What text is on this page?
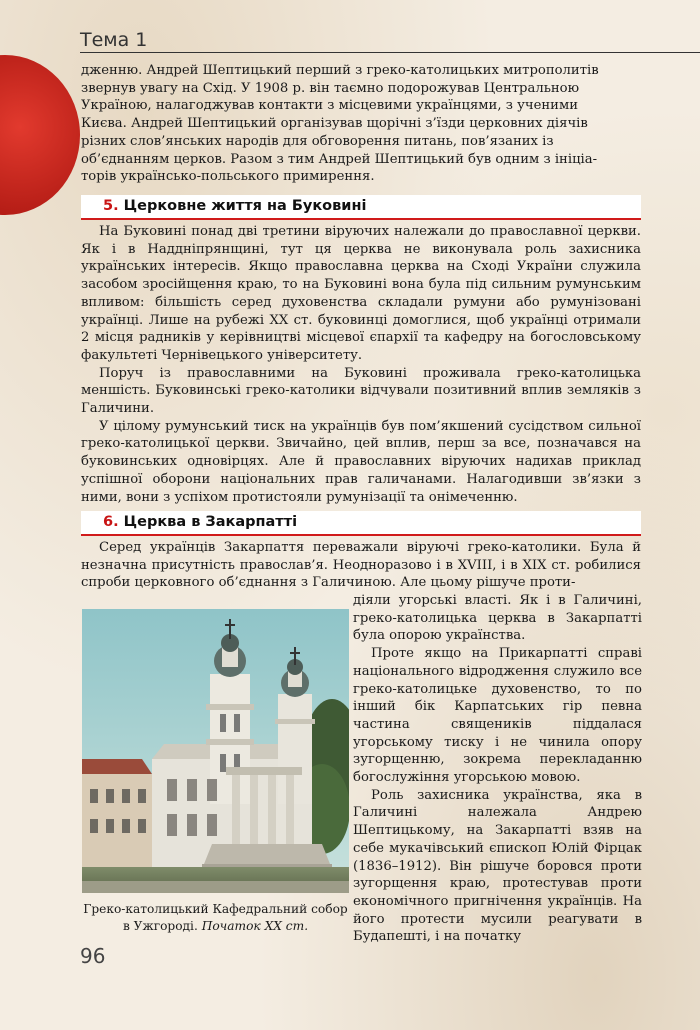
Тема 1
дженню. Андрей Шептицький перший з греко-католицьких митрополитів
звернув увагу на Схід. У 1908 р. він таємно подорожував Центральною
Україною, налагоджував контакти з місцевими українцями, з ученими
Києва. Андрей Шептицький організував щорічні з’їзди церковних діячів
різних слов’янських народів для обговорення питань, пов’язаних із
об’єднанням церков. Разом з тим Андрей Шептицький був одним з ініціа-
торів українсько-польського примирення.
5. Церковне життя на Буковині

На Буковині понад дві третини віруючих належали до православної церкви. Як і в Наддніпрянщині, тут ця церква не виконувала роль захисника українських інтересів. Якщо православна церква на Сході України служила засобом зросійщення краю, то на Буковині вона була під сильним румунським впливом: більшість серед духовенства складали румуни або румунізовані українці. Лише на рубежі XX ст. буковинці домоглися, щоб українці отримали 2 місця радників у керівництві місцевої єпархії та кафедру на богословському факультеті Чернівецького університету.

Поруч із православними на Буковині проживала греко-католицька меншість. Буковинські греко-католики відчували позитивний вплив земляків з Галичини.

У цілому румунський тиск на українців був пом’якшений сусідством сильної греко-католицької церкви. Звичайно, цей вплив, перш за все, позначався на буковинських одновірцях. Але й православних віруючих надихав приклад успішної оборони національних прав галичанами. Налагодивши зв’язки з ними, вони з успіхом протистояли румунізації та онімеченню.

6. Церква в Закарпатті

Серед українців Закарпаття переважали віруючі греко-католики. Була й незначна присутність православ’я. Неодноразово і в XVIII, і в XIX ст. робилися спроби церковного об’єднання з Галичиною. Але цьому рішуче проти-

Греко-католицький Кафедральний собор в Ужгороді. Початок XX ст.

діяли угорські власті. Як і в Галичині, греко-католицька церква в Закарпатті була опорою українства.

Проте якщо на Прикарпатті справі національного відродження служило все греко-католицьке духовенство, то по інший бік Карпатських гір певна частина священиків піддалася угорському тиску і не чинила опору зугорщенню, зокрема перекладанню богослужіння угорською мовою.

Роль захисника українства, яка в Галичині належала Андрею Шептицькому, на Закарпатті взяв на себе мукачівський єпископ Юлій Фірцак (1836–1912). Він рішуче боровся проти зугорщення краю, протестував проти економічного пригнічення українців. На його протести мусили реагувати в Будапешті, і на початку

96
